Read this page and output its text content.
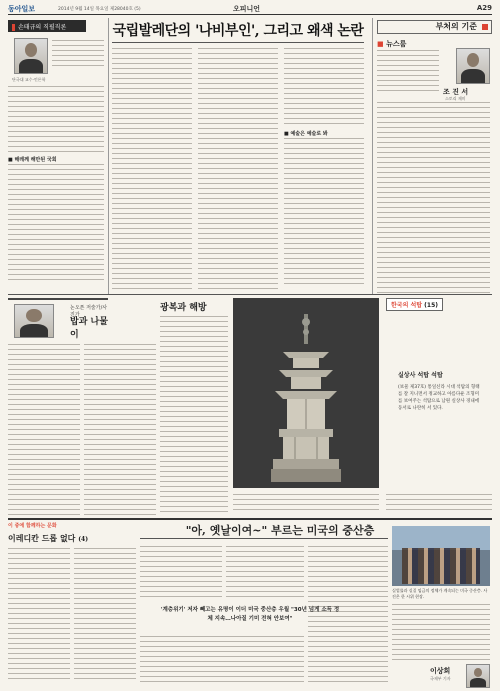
동아일보	2014년 9월 14일 목요일 제28040호 (5)	오피니언	A29
손태규의 직필직론
단국대 교수·언론학
■ 해레께 해만된 국회
국립발레단의 '나비부인', 그리고 왜색 논란
■ 예술은 예술로 봐
부처의 기준
■ 뉴스룸
조 진 서
스토리 재미
논오픈 저술가/사진가
밥과 나물이
광복과 해방	한국의 석탑 (15)
실상사 석탑 석탑
(보물 제37호) 통일신라 시대 석탑의 형태를 잘 지니면서 정교하고 아름다운 조형미를 보여주는 석탑으로 남원 실상사 경내에 동서로 나란히 서 있다.
이 중에 함께하는 문화
이레디칸 드롭 없다 (4)
"아, 옛날이여~" 부르는 미국의 중산층
'계층위기' 저자 빼고는 유명이 이더 미국 중산층 우월 "30년 넘게 소득 정체 지속…나아질 기미 전혀 안보여"
실업률과 실질 임금의 정체가 계속되는 미국 중산층. 사진은 한 시위 현장.
이상희
국제부 기자
